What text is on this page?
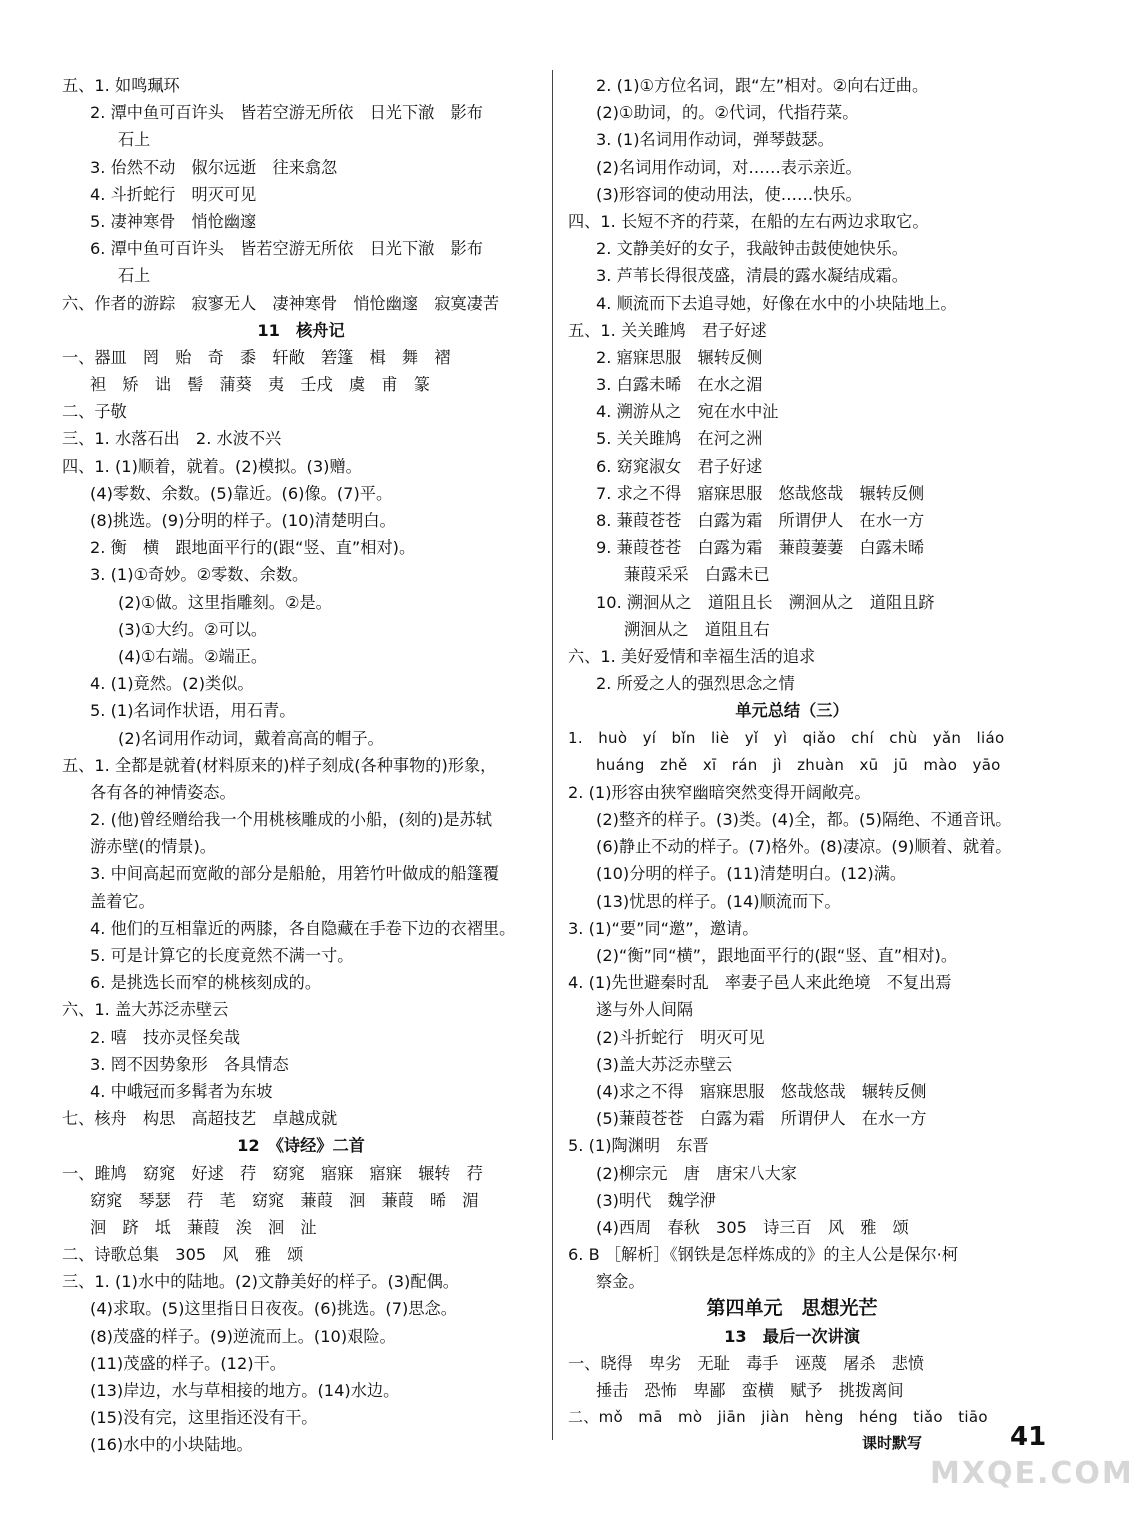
五、1. 如鸣珮环
2. 潭中鱼可百许头　皆若空游无所依　日光下澈　影布
石上
3. 佁然不动　俶尔远逝　往来翕忽
4. 斗折蛇行　明灭可见
5. 凄神寒骨　悄怆幽邃
6. 潭中鱼可百许头　皆若空游无所依　日光下澈　影布
石上
六、作者的游踪　寂寥无人　凄神寒骨　悄怆幽邃　寂寞凄苦
11　核舟记
一、器皿　罔　贻　奇　黍　轩敞　箬篷　楫　舞　褶
袒　矫　诎　髻　蒲葵　夷　壬戌　虞　甫　篆
二、子敬
三、1. 水落石出　2. 水波不兴
四、1. (1)顺着，就着。(2)模拟。(3)赠。
(4)零数、余数。(5)靠近。(6)像。(7)平。
(8)挑选。(9)分明的样子。(10)清楚明白。
2. 衡　横　跟地面平行的(跟“竖、直”相对)。
3. (1)①奇妙。②零数、余数。
(2)①做。这里指雕刻。②是。
(3)①大约。②可以。
(4)①右端。②端正。
4. (1)竟然。(2)类似。
5. (1)名词作状语，用石青。
(2)名词用作动词，戴着高高的帽子。
五、1. 全都是就着(材料原来的)样子刻成(各种事物的)形象，
各有各的神情姿态。
2. (他)曾经赠给我一个用桃核雕成的小船，(刻的)是苏轼
游赤壁(的情景)。
3. 中间高起而宽敞的部分是船舱，用箬竹叶做成的船篷覆
盖着它。
4. 他们的互相靠近的两膝，各自隐藏在手卷下边的衣褶里。
5. 可是计算它的长度竟然不满一寸。
6. 是挑选长而窄的桃核刻成的。
六、1. 盖大苏泛赤壁云
2. 嘻　技亦灵怪矣哉
3. 罔不因势象形　各具情态
4. 中峨冠而多髯者为东坡
七、核舟　构思　高超技艺　卓越成就
12　《诗经》二首
一、雎鸠　窈窕　好逑　荇　窈窕　寤寐　寤寐　辗转　荇
窈窕　琴瑟　荇　芼　窈窕　蒹葭　洄　蒹葭　晞　湄
洄　跻　坻　蒹葭　涘　洄　沚
二、诗歌总集　305　风　雅　颂
三、1. (1)水中的陆地。(2)文静美好的样子。(3)配偶。
(4)求取。(5)这里指日日夜夜。(6)挑选。(7)思念。
(8)茂盛的样子。(9)逆流而上。(10)艰险。
(11)茂盛的样子。(12)干。
(13)岸边，水与草相接的地方。(14)水边。
(15)没有完，这里指还没有干。
(16)水中的小块陆地。
2. (1)①方位名词，跟“左”相对。②向右迂曲。
(2)①助词，的。②代词，代指荇菜。
3. (1)名词用作动词，弹琴鼓瑟。
(2)名词用作动词，对……表示亲近。
(3)形容词的使动用法，使……快乐。
四、1. 长短不齐的荇菜，在船的左右两边求取它。
2. 文静美好的女子，我敲钟击鼓使她快乐。
3. 芦苇长得很茂盛，清晨的露水凝结成霜。
4. 顺流而下去追寻她，好像在水中的小块陆地上。
五、1. 关关雎鸠　君子好逑
2. 寤寐思服　辗转反侧
3. 白露未晞　在水之湄
4. 溯游从之　宛在水中沚
5. 关关雎鸠　在河之洲
6. 窈窕淑女　君子好逑
7. 求之不得　寤寐思服　悠哉悠哉　辗转反侧
8. 蒹葭苍苍　白露为霜　所谓伊人　在水一方
9. 蒹葭苍苍　白露为霜　蒹葭萋萋　白露未晞
蒹葭采采　白露未已
10. 溯洄从之　道阻且长　溯洄从之　道阻且跻
溯洄从之　道阻且右
六、1. 美好爱情和幸福生活的追求
2. 所爱之人的强烈思念之情
单元总结（三）
1.　huò　yí　bǐn　liè　yǐ　yì　qiǎo　chí　chù　yǎn　liáo
huáng　zhě　xī　rán　jì　zhuàn　xū　jū　mào　yāo
2. (1)形容由狭窄幽暗突然变得开阔敞亮。
(2)整齐的样子。(3)类。(4)全，都。(5)隔绝、不通音讯。
(6)静止不动的样子。(7)格外。(8)凄凉。(9)顺着、就着。
(10)分明的样子。(11)清楚明白。(12)满。
(13)忧思的样子。(14)顺流而下。
3. (1)“要”同“邀”，邀请。
(2)“衡”同“横”，跟地面平行的(跟“竖、直”相对)。
4. (1)先世避秦时乱　率妻子邑人来此绝境　不复出焉
遂与外人间隔
(2)斗折蛇行　明灭可见
(3)盖大苏泛赤壁云
(4)求之不得　寤寐思服　悠哉悠哉　辗转反侧
(5)蒹葭苍苍　白露为霜　所谓伊人　在水一方
5. (1)陶渊明　东晋
(2)柳宗元　唐　唐宋八大家
(3)明代　魏学洢
(4)西周　春秋　305　诗三百　风　雅　颂
6. B ［解析］《钢铁是怎样炼成的》的主人公是保尔·柯
察金。
第四单元　思想光芒
13　最后一次讲演
一、晓得　卑劣　无耻　毒手　诬蔑　屠杀　悲愤
捶击　恐怖　卑鄙　蛮横　赋予　挑拨离间
二、mǒ　mā　mò　jiān　jiàn　hèng　héng　tiǎo　tiāo
课时默写	41
MXQE.COM
